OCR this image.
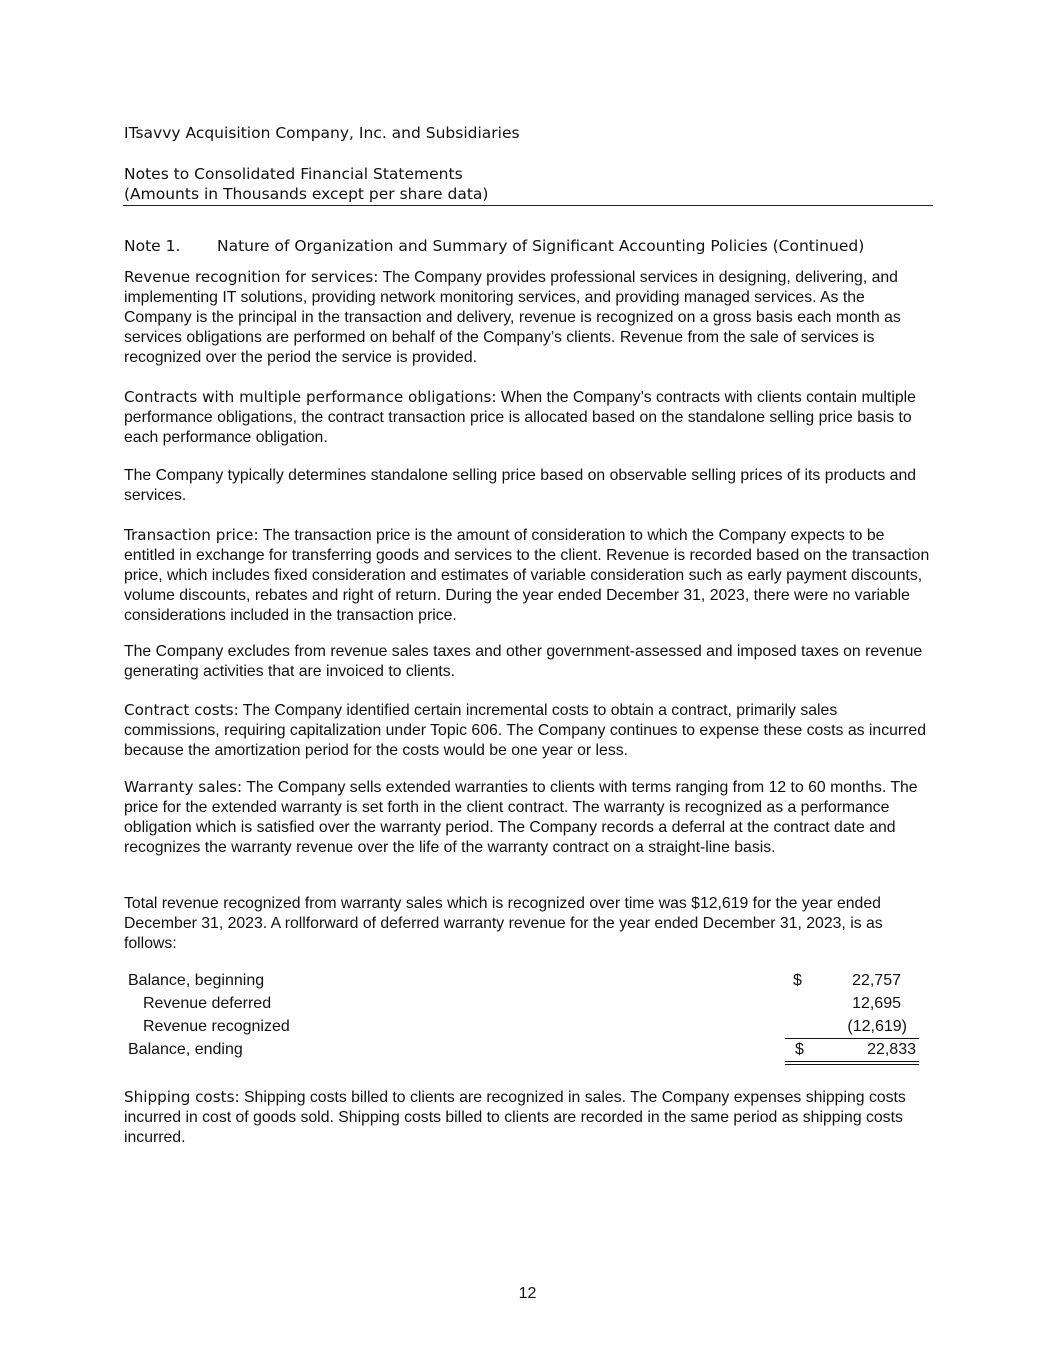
ITsavvy Acquisition Company, Inc. and Subsidiaries
Notes to Consolidated Financial Statements
(Amounts in Thousands except per share data)
Note 1. Nature of Organization and Summary of Significant Accounting Policies (Continued)

Revenue recognition for services: The Company provides professional services in designing, delivering, and implementing IT solutions, providing network monitoring services, and providing managed services. As the Company is the principal in the transaction and delivery, revenue is recognized on a gross basis each month as services obligations are performed on behalf of the Company’s clients. Revenue from the sale of services is recognized over the period the service is provided.

Contracts with multiple performance obligations: When the Company’s contracts with clients contain multiple performance obligations, the contract transaction price is allocated based on the standalone selling price basis to each performance obligation.

The Company typically determines standalone selling price based on observable selling prices of its products and services.

Transaction price: The transaction price is the amount of consideration to which the Company expects to be entitled in exchange for transferring goods and services to the client. Revenue is recorded based on the transaction price, which includes fixed consideration and estimates of variable consideration such as early payment discounts, volume discounts, rebates and right of return. During the year ended December 31, 2023, there were no variable considerations included in the transaction price.

The Company excludes from revenue sales taxes and other government-assessed and imposed taxes on revenue generating activities that are invoiced to clients.

Contract costs: The Company identified certain incremental costs to obtain a contract, primarily sales commissions, requiring capitalization under Topic 606. The Company continues to expense these costs as incurred because the amortization period for the costs would be one year or less.

Warranty sales: The Company sells extended warranties to clients with terms ranging from 12 to 60 months. The price for the extended warranty is set forth in the client contract. The warranty is recognized as a performance obligation which is satisfied over the warranty period. The Company records a deferral at the contract date and recognizes the warranty revenue over the life of the warranty contract on a straight-line basis.

Total revenue recognized from warranty sales which is recognized over time was $12,619 for the year ended December 31, 2023. A rollforward of deferred warranty revenue for the year ended December 31, 2023, is as follows:

Balance, beginning	$	22,757
Revenue deferred	12,695
Revenue recognized	(12,619)
Balance, ending	$	22,833

Shipping costs: Shipping costs billed to clients are recognized in sales. The Company expenses shipping costs incurred in cost of goods sold. Shipping costs billed to clients are recorded in the same period as shipping costs incurred.

12
